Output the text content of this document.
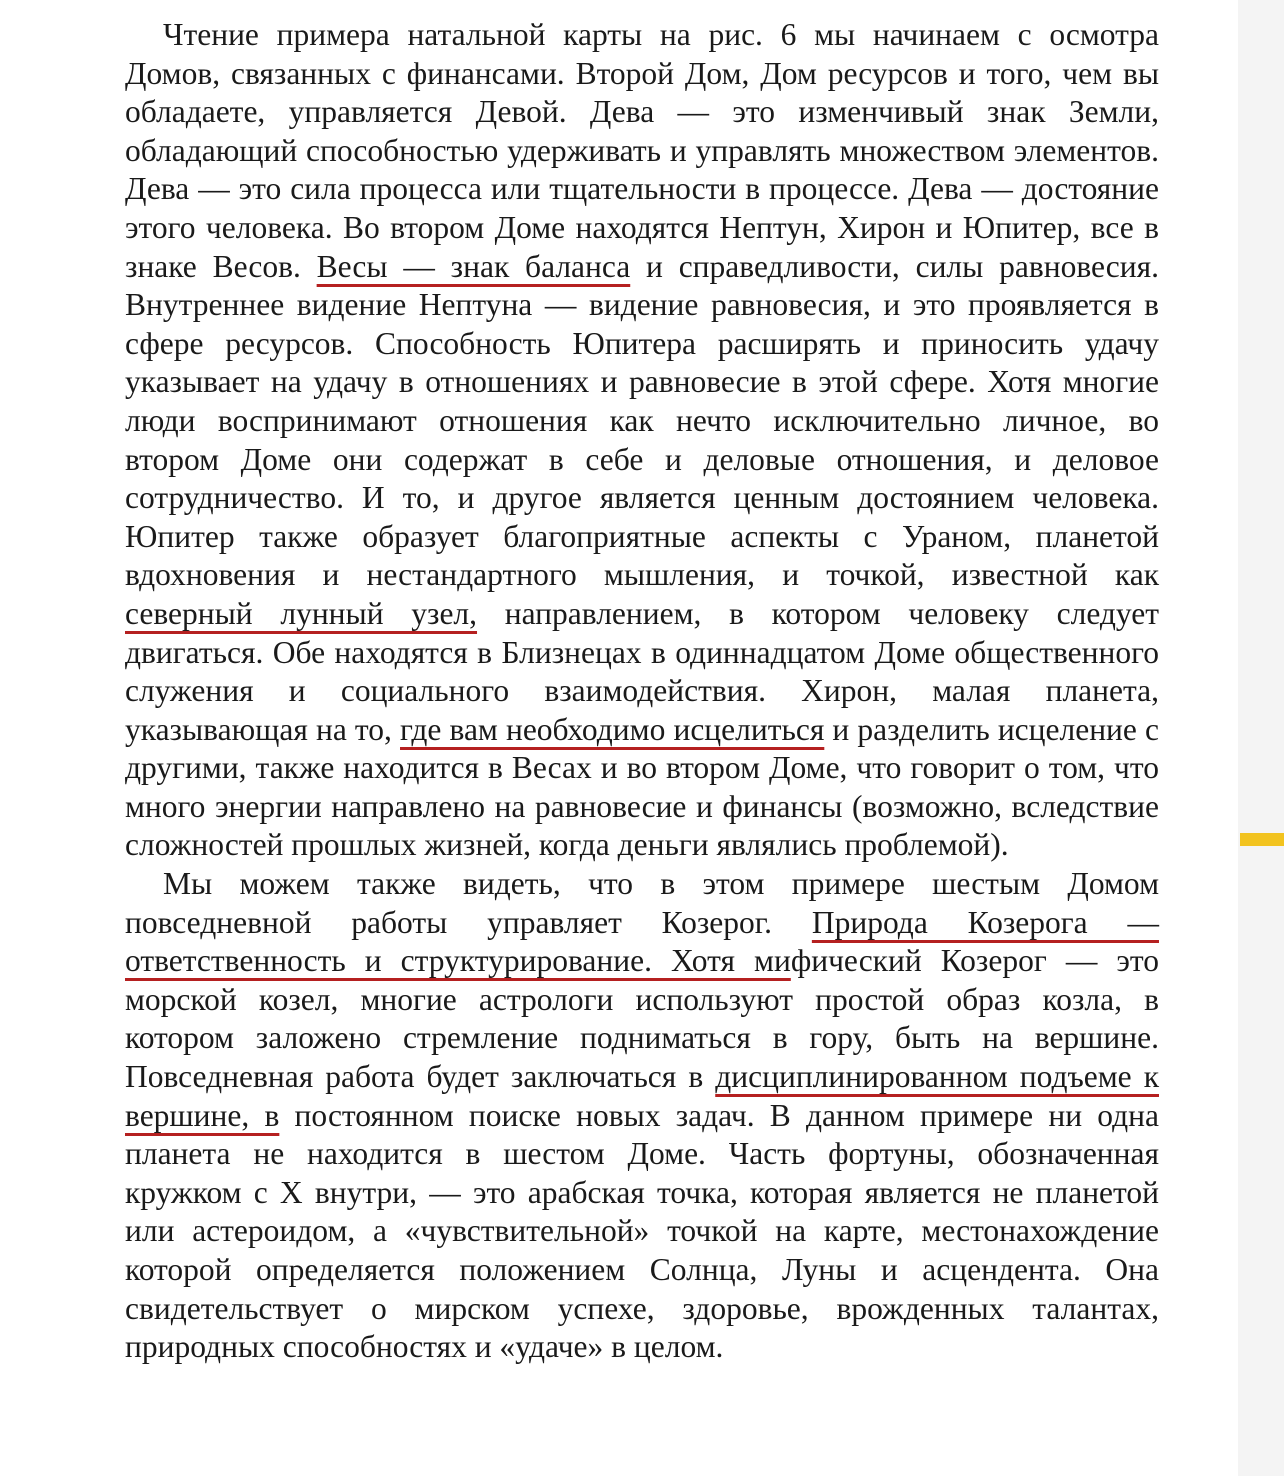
Чтение примера натальной карты на рис. 6 мы начинаем с осмотра Домов, связанных с финансами. Второй Дом, Дом ресурсов и того, чем вы обладаете, управляется Девой. Дева — это изменчивый знак Земли, обладающий способностью удерживать и управлять множеством элементов. Дева — это сила процесса или тщательности в процессе. Дева — достояние этого человека. Во втором Доме находятся Нептун, Хирон и Юпитер, все в знаке Весов. Весы — знак баланса и справедливости, силы равновесия. Внутреннее видение Нептуна — видение равновесия, и это проявляется в сфере ресурсов. Способность Юпитера расширять и приносить удачу указывает на удачу в отношениях и равновесие в этой сфере. Хотя многие люди воспринимают отношения как нечто исключительно личное, во втором Доме они содержат в себе и деловые отношения, и деловое сотрудничество. И то, и другое является ценным достоянием человека. Юпитер также образует благоприятные аспекты с Ураном, планетой вдохновения и нестандартного мышления, и точкой, известной как северный лунный узел, направлением, в котором человеку следует двигаться. Обе находятся в Близнецах в одиннадцатом Доме общественного служения и социального взаимодействия. Хирон, малая планета, указывающая на то, где вам необходимо исцелиться и разделить исцеление с другими, также находится в Весах и во втором Доме, что говорит о том, что много энергии направлено на равновесие и финансы (возможно, вследствие сложностей прошлых жизней, когда деньги являлись проблемой).

Мы можем также видеть, что в этом примере шестым Домом повседневной работы управляет Козерог. Природа Козерога — ответственность и структурирование. Хотя мифический Козерог — это морской козел, многие астрологи используют простой образ козла, в котором заложено стремление подниматься в гору, быть на вершине. Повседневная работа будет заключаться в дисциплинированном подъеме к вершине, в постоянном поиске новых задач. В данном примере ни одна планета не находится в шестом Доме. Часть фортуны, обозначенная кружком с Х внутри, — это арабская точка, которая является не планетой или астероидом, а «чувствительной» точкой на карте, местонахождение которой определяется положением Солнца, Луны и асцендента. Она свидетельствует о мирском успехе, здоровье, врожденных талантах, природных способностях и «удаче» в целом.
